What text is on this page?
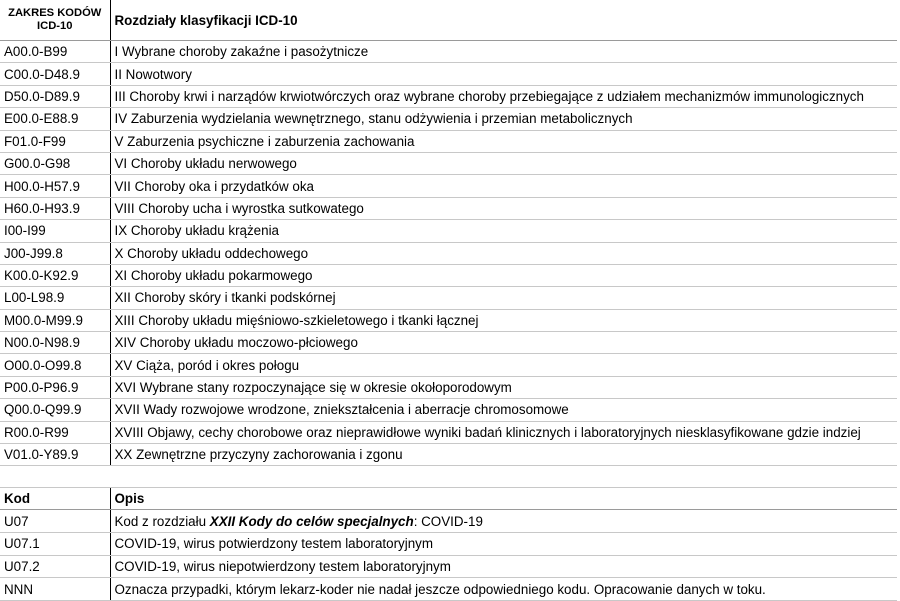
ZAKRES KODÓW
ICD-10	Rozdziały klasyfikacji ICD-10
A00.0-B99	I Wybrane choroby zakaźne i pasożytnicze
C00.0-D48.9	II Nowotwory
D50.0-D89.9	III Choroby krwi i narządów krwiotwórczych oraz wybrane choroby przebiegające z udziałem mechanizmów immunologicznych
E00.0-E88.9	IV Zaburzenia wydzielania wewnętrznego, stanu odżywienia i przemian metabolicznych
F01.0-F99	V Zaburzenia psychiczne i zaburzenia zachowania
G00.0-G98	VI Choroby układu nerwowego
H00.0-H57.9	VII Choroby oka i przydatków oka
H60.0-H93.9	VIII Choroby ucha i wyrostka sutkowatego
I00-I99	IX Choroby układu krążenia
J00-J99.8	X Choroby układu oddechowego
K00.0-K92.9	XI Choroby układu pokarmowego
L00-L98.9	XII Choroby skóry i tkanki podskórnej
M00.0-M99.9	XIII Choroby układu mięśniowo-szkieletowego i tkanki łącznej
N00.0-N98.9	XIV Choroby układu moczowo-płciowego
O00.0-O99.8	XV Ciąża, poród i okres połogu
P00.0-P96.9	XVI Wybrane stany rozpoczynające się w okresie okołoporodowym
Q00.0-Q99.9	XVII Wady rozwojowe wrodzone, zniekształcenia i aberracje chromosomowe
R00.0-R99	XVIII Objawy, cechy chorobowe oraz nieprawidłowe wyniki badań klinicznych i laboratoryjnych niesklasyfikowane gdzie indziej
V01.0-Y89.9	XX Zewnętrzne przyczyny zachorowania i zgonu

Kod	Opis
U07	Kod z rozdziału XXII Kody do celów specjalnych: COVID-19
U07.1	COVID-19, wirus potwierdzony testem laboratoryjnym
U07.2	COVID-19, wirus niepotwierdzony testem laboratoryjnym
NNN	Oznacza przypadki, którym lekarz-koder nie nadał jeszcze odpowiedniego kodu. Opracowanie danych w toku.
